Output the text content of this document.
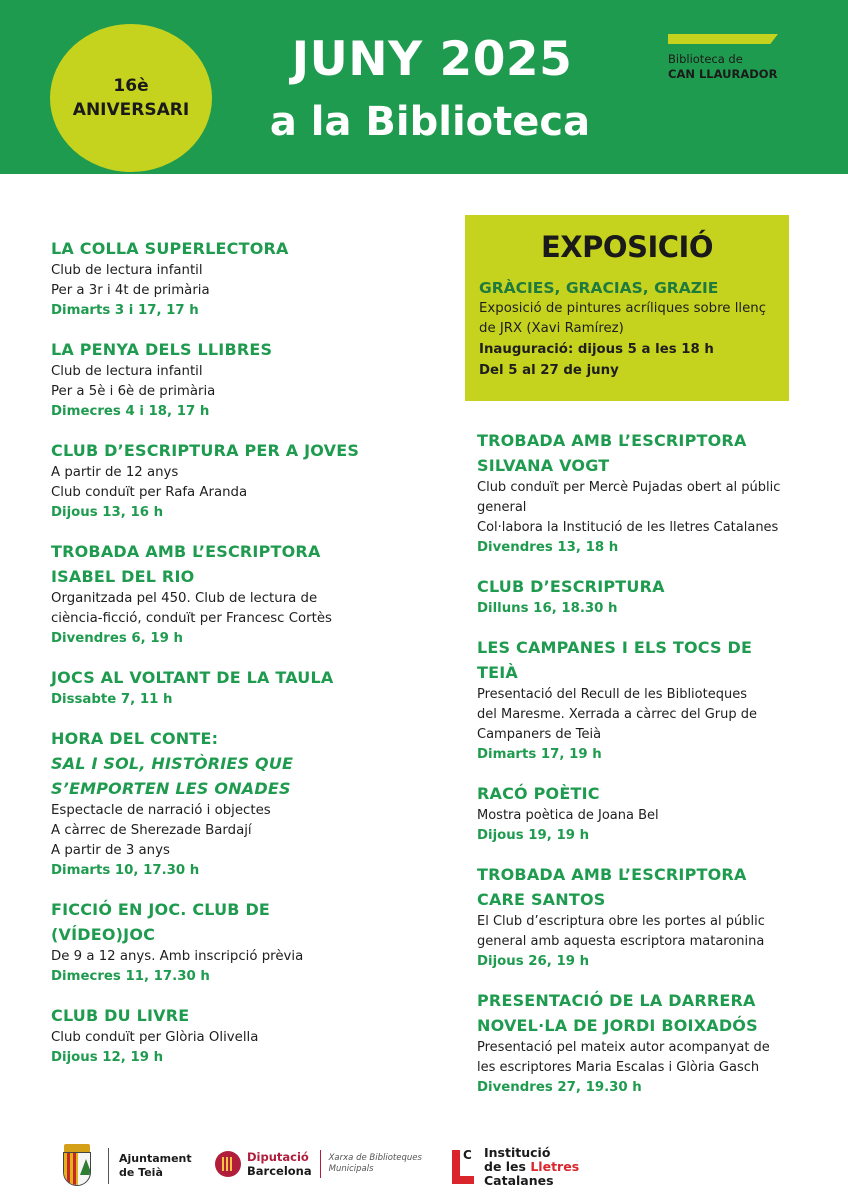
16è
ANIVERSARI
JUNY 2025
a la Biblioteca
Biblioteca de
CAN LLAURADOR
LA COLLA SUPERLECTORA
Club de lectura infantil
Per a 3r i 4t de primària
Dimarts 3 i 17, 17 h
LA PENYA DELS LLIBRES
Club de lectura infantil
Per a 5è i 6è de primària
Dimecres 4 i 18, 17 h
CLUB D’ESCRIPTURA PER A JOVES
A partir de 12 anys
Club conduït per Rafa Aranda
Dijous 13, 16 h
TROBADA AMB L’ESCRIPTORA
ISABEL DEL RIO
Organitzada pel 450. Club de lectura de
ciència-ficció, conduït per Francesc Cortès
Divendres 6, 19 h
JOCS AL VOLTANT DE LA TAULA
Dissabte 7, 11 h
HORA DEL CONTE:
SAL I SOL, HISTÒRIES QUE
S’EMPORTEN LES ONADES
Espectacle de narració i objectes
A càrrec de Sherezade Bardají
A partir de 3 anys
Dimarts 10, 17.30 h
FICCIÓ EN JOC. CLUB DE
(VÍDEO)JOC
De 9 a 12 anys. Amb inscripció prèvia
Dimecres 11, 17.30 h
CLUB DU LIVRE
Club conduït per Glòria Olivella
Dijous 12, 19 h
EXPOSICIÓ
GRÀCIES, GRACIAS, GRAZIE
Exposició de pintures acríliques sobre llenç
de JRX (Xavi Ramírez)
Inauguració: dijous 5 a les 18 h
Del 5 al 27 de juny
TROBADA AMB L’ESCRIPTORA
SILVANA VOGT
Club conduït per Mercè Pujadas obert al públic
general
Col·labora la Institució de les lletres Catalanes
Divendres 13, 18 h
CLUB D’ESCRIPTURA
Dilluns 16, 18.30 h
LES CAMPANES I ELS TOCS DE TEIÀ
Presentació del Recull de les Biblioteques
del Maresme. Xerrada a càrrec del Grup de
Campaners de Teià
Dimarts 17, 19 h
RACÓ POÈTIC
Mostra poètica de Joana Bel
Dijous 19, 19 h
TROBADA AMB L’ESCRIPTORA
CARE SANTOS
El Club d’escriptura obre les portes al públic
general amb aquesta escriptora mataronina
Dijous 26, 19 h
PRESENTACIÓ DE LA DARRERA
NOVEL·LA DE JORDI BOIXADÓS
Presentació pel mateix autor acompanyat de
les escriptores Maria Escalas i Glòria Gasch
Divendres 27, 19.30 h
Ajuntament
de Teià
Diputació
Barcelona
Xarxa de Biblioteques
Municipals
C Institució
de les Lletres
Catalanes
